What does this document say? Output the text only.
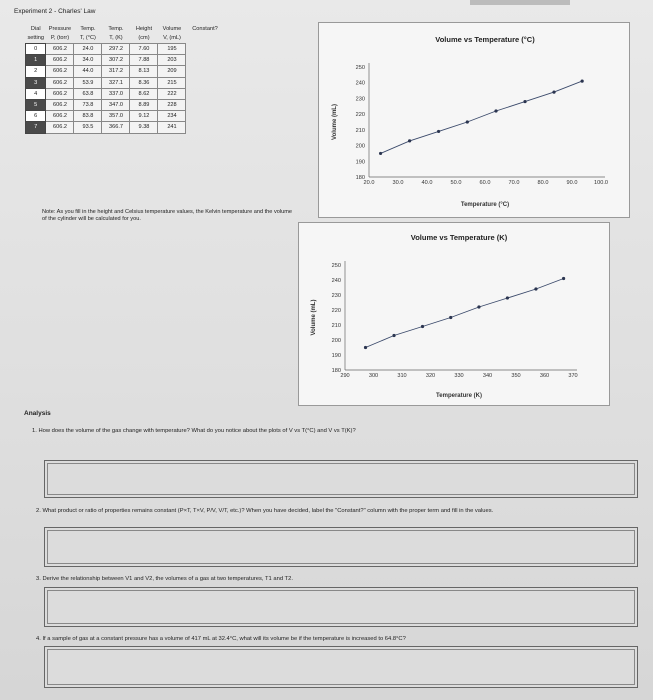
Experiment 2 - Charles' Law
Dial	Pressure	Temp.	Temp.	Height	Volume	Constant?
setting	P, (torr)	T, (°C)	T, (K)	(cm)	V, (mL)	
0	606.2	24.0	297.2	7.60	195	
1	606.2	34.0	307.2	7.88	203	
2	606.2	44.0	317.2	8.13	209	
3	606.2	53.9	327.1	8.36	215	
4	606.2	63.8	337.0	8.62	222	
5	606.2	73.8	347.0	8.89	228	
6	606.2	83.8	357.0	9.12	234	
7	606.2	93.5	366.7	9.38	241	
Note: As you fill in the height and Celsius temperature values, the Kelvin temperature and the volume of the cylinder will be calculated for you.
Volume vs Temperature (°C)
Temperature (°C)
Volume (mL)
180
190
200
210
220
230
240
250
20.0	30.0	40.0	50.0	60.0	70.0	80.0	90.0	100.0
Volume vs Temperature (K)
Temperature (K)
Volume (mL)
180
190
200
210
220
230
240
250
290	300	310	320	330	340	350	360	370
Analysis
1. How does the volume of the gas change with temperature? What do you notice about the plots of V vs T(°C) and V vs T(K)?
2. What product or ratio of properties remains constant (P×T, T×V, P/V, V/T, etc.)? When you have decided, label the "Constant?" column with the proper term and fill in the values.
3. Derive the relationship between V1 and V2, the volumes of a gas at two temperatures, T1 and T2.
4. If a sample of gas at a constant pressure has a volume of 417 mL at 32.4°C, what will its volume be if the temperature is increased to 64.8°C?
